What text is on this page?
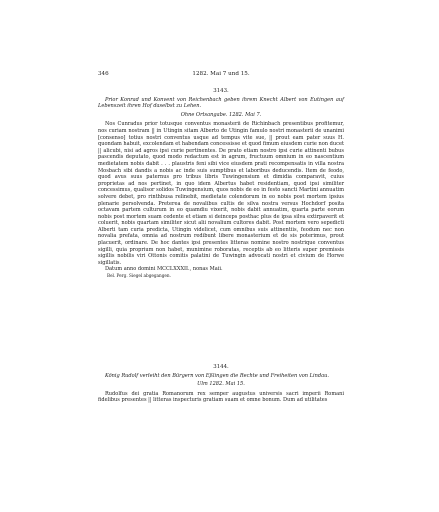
346	1282. Mai 7 und 15.
3143.
Prior Konrad und Konvent von Reichenbach geben ihrem Knecht Albert von Eutingen auf Lebenszeit ihren Hof daselbst zu Lehen.
Ohne Ortsangabe. 1282. Mai 7.
Nos Cunradus prior totusque conventus monasterii de Richinbach presentibus profitemur, nos curiam nostram || in Utingin sitam Alberto de Utingin famulo nostri monasterii de unanimi [consenso] totius nostri conventus usque ad tempus vite sue, || prout eam pater suus H. quondam habuit, excolendam et habendam concessisse et quod fimum eiusdem curie non ducet || alicubi, nisi ad agros ipsi curie pertinentes. De prato etiam nostro ipsi curie attinenti bubus pascendis deputato, quod modo redactum est in agrum, fructuum omnium in eo nascentium medietatem nobis dabit . . . plaustris feni sibi vice eiusdem prati recompensatis in villa nostra Mosbach sibi dandis a nobis ac inde suis sumptibus et laboribus deducendis. Item de feodo, quod avus suus paternus pro tribus libris Tuwingensium et dimidia comparavit, cuius proprietas ad nos pertinet, in quo idem Albertus habet residentiam, quod ipsi similiter concessimus, qualisor solidos Tuwingensium, quos nobis de eo in festo sancti Martini annuatim solvere debet, pro rinthbusa relinebit, medietate colendorum in eo nobis post mortem ipsius plenarie persolvenda. Preterea de novalibus cultis de silva nostra versus Hochdorf posita octavam partem culturum in eo quamdiu vixerit, nobis dabit annuatim, quarta parte eorum nobis post mortem suam cedente et etiam si deinceps posthac plus de ipsa silva extirpaverit et coluerit, nobis quartam similiter sicut alii novalium cultores dabit. Post mortem vero sepedicti Alberti tam curia predicta, Utingin videlicet, cum omnibus suis attinentiis, feodum nec non novalia prefata, omnia ad nostrum redibunt libere monasterium et de sis poterimus, prout placuerit, ordinare. De hoc dantes ipsi presentes litteras nomine nostro nostrique conventus sigilli, quia proprium non habet, munimine roboratas, receptis ab eo litteris super premissis sigillis nobilis viri Ottonis comitis palatini de Tuwingin advocati nostri et civium de Horwe sigillatis.
Datum anno domini MCCLXXXII., nonas Maii.
Bel. Perg. Siegel abgegangen.
3144.
König Rudolf verleiht den Bürgern von Eßlingen die Rechte und Freiheiten von Lindau.
Ulm 1282. Mai 15.
Rudolfus dei gratia Romanorum rex semper augustus universis sacri imperii Romani fidelibus presentes || litteras inspecturis gratiam suam et omne bonum. Dum ad utilitates
